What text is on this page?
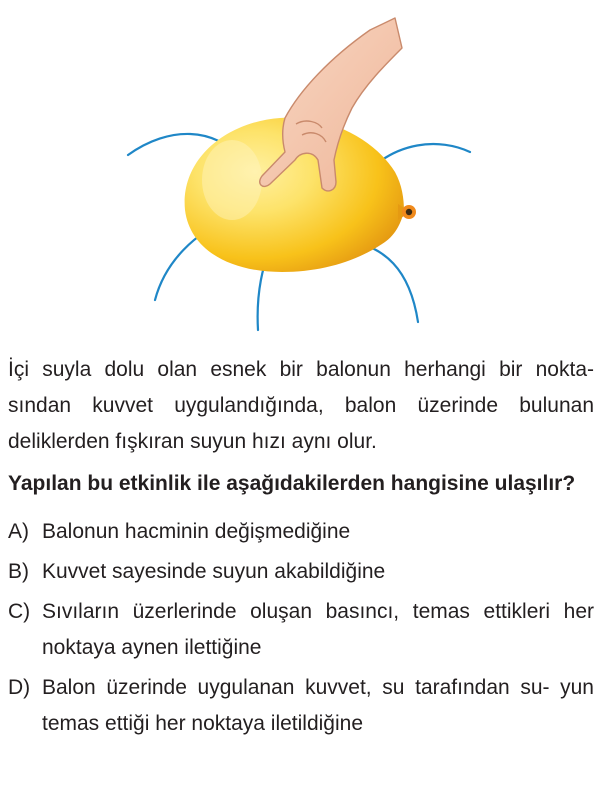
İçi suyla dolu olan esnek bir balonun herhangi bir nokta- sından kuvvet uygulandığında, balon üzerinde bulunan deliklerden fışkıran suyun hızı aynı olur.

Yapılan bu etkinlik ile aşağıdakilerden hangisine ulaşılır?

A) Balonun hacminin değişmediğine
B) Kuvvet sayesinde suyun akabildiğine
C) Sıvıların üzerlerinde oluşan basıncı, temas ettikleri her noktaya aynen ilettiğine
D) Balon üzerinde uygulanan kuvvet, su tarafından su- yun temas ettiği her noktaya iletildiğine
